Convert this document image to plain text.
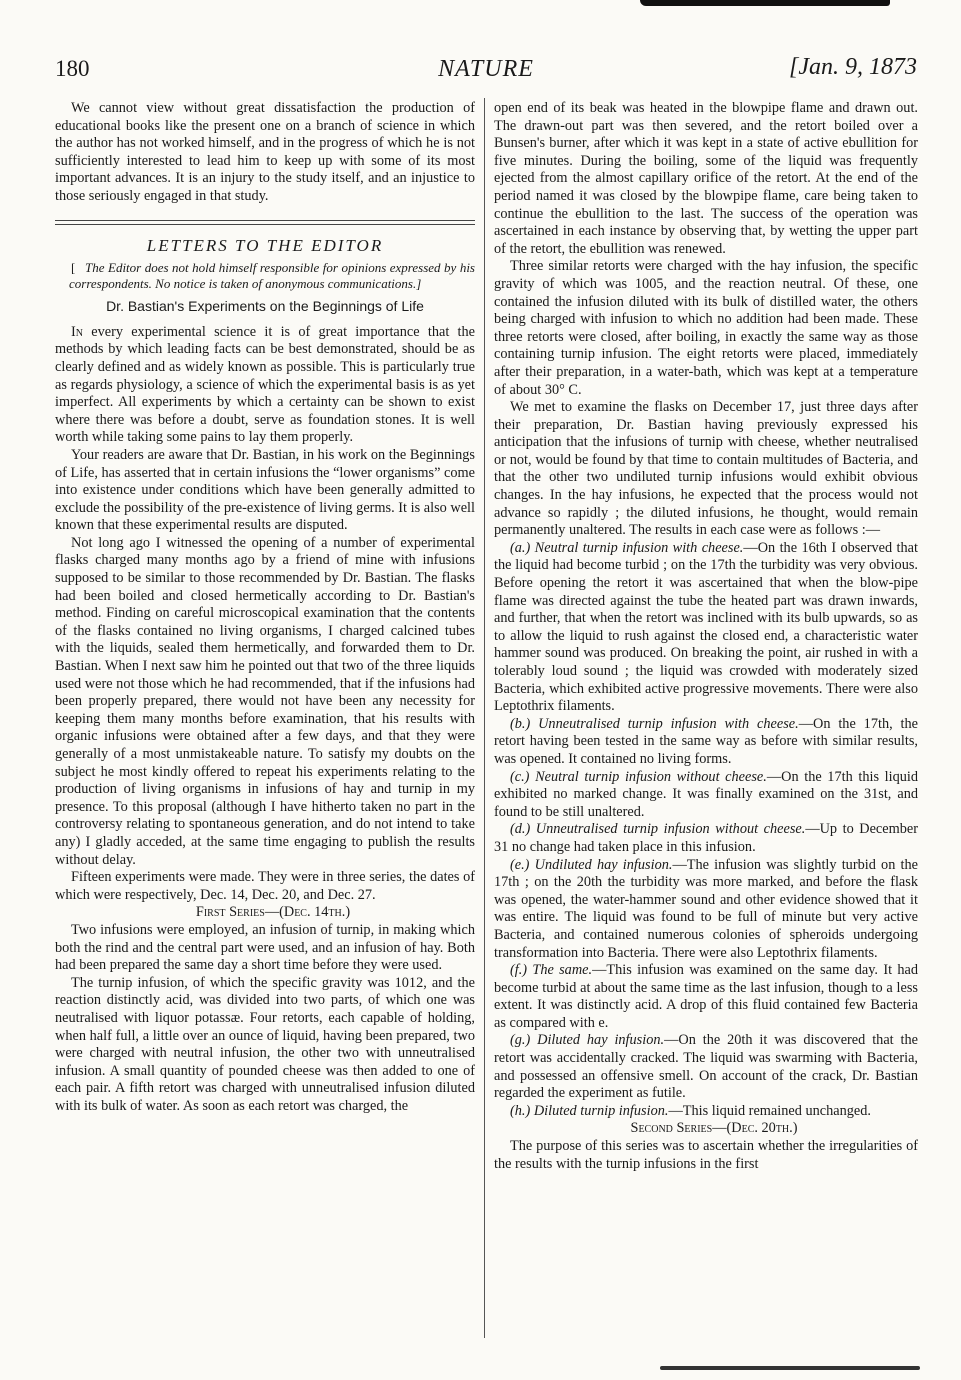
180	NATURE	[Jan. 9, 1873

We cannot view without great dissatisfaction the production of educational books like the present one on a branch of science in which the author has not worked himself, and in the progress of which he is not sufficiently interested to lead him to keep up with some of its most important advances. It is an injury to the study itself, and an injustice to those seriously engaged in that study.

LETTERS TO THE EDITOR

[ The Editor does not hold himself responsible for opinions expressed by his correspondents. No notice is taken of anonymous communications.]

Dr. Bastian's Experiments on the Beginnings of Life

In every experimental science it is of great importance that the methods by which leading facts can be best demonstrated, should be as clearly defined and as widely known as possible. This is particularly true as regards physiology, a science of which the experimental basis is as yet imperfect. All experiments by which a certainty can be shown to exist where there was before a doubt, serve as foundation stones. It is well worth while taking some pains to lay them properly.

Your readers are aware that Dr. Bastian, in his work on the Beginnings of Life, has asserted that in certain infusions the “lower organisms” come into existence under conditions which have been generally admitted to exclude the possibility of the pre-existence of living germs. It is also well known that these experimental results are disputed.

Not long ago I witnessed the opening of a number of experimental flasks charged many months ago by a friend of mine with infusions supposed to be similar to those recommended by Dr. Bastian. The flasks had been boiled and closed hermetically according to Dr. Bastian's method. Finding on careful microscopical examination that the contents of the flasks contained no living organisms, I charged calcined tubes with the liquids, sealed them hermetically, and forwarded them to Dr. Bastian. When I next saw him he pointed out that two of the three liquids used were not those which he had recommended, that if the infusions had been properly prepared, there would not have been any necessity for keeping them many months before examination, that his results with organic infusions were obtained after a few days, and that they were generally of a most unmistakeable nature. To satisfy my doubts on the subject he most kindly offered to repeat his experiments relating to the production of living organisms in infusions of hay and turnip in my presence. To this proposal (although I have hitherto taken no part in the controversy relating to spontaneous generation, and do not intend to take any) I gladly acceded, at the same time engaging to publish the results without delay.

Fifteen experiments were made. They were in three series, the dates of which were respectively, Dec. 14, Dec. 20, and Dec. 27.

First Series—(Dec. 14th.)

Two infusions were employed, an infusion of turnip, in making which both the rind and the central part were used, and an infusion of hay. Both had been prepared the same day a short time before they were used.

The turnip infusion, of which the specific gravity was 1012, and the reaction distinctly acid, was divided into two parts, of which one was neutralised with liquor potassæ. Four retorts, each capable of holding, when half full, a little over an ounce of liquid, having been prepared, two were charged with neutral infusion, the other two with unneutralised infusion. A small quantity of pounded cheese was then added to one of each pair. A fifth retort was charged with unneutralised infusion diluted with its bulk of water. As soon as each retort was charged, the

open end of its beak was heated in the blowpipe flame and drawn out. The drawn-out part was then severed, and the retort boiled over a Bunsen's burner, after which it was kept in a state of active ebullition for five minutes. During the boiling, some of the liquid was frequently ejected from the almost capillary orifice of the retort. At the end of the period named it was closed by the blowpipe flame, care being taken to continue the ebullition to the last. The success of the operation was ascertained in each instance by observing that, by wetting the upper part of the retort, the ebullition was renewed.

Three similar retorts were charged with the hay infusion, the specific gravity of which was 1005, and the reaction neutral. Of these, one contained the infusion diluted with its bulk of distilled water, the others being charged with infusion to which no addition had been made. These three retorts were closed, after boiling, in exactly the same way as those containing turnip infusion. The eight retorts were placed, immediately after their preparation, in a water-bath, which was kept at a temperature of about 30° C.

We met to examine the flasks on December 17, just three days after their preparation, Dr. Bastian having previously expressed his anticipation that the infusions of turnip with cheese, whether neutralised or not, would be found by that time to contain multitudes of Bacteria, and that the other two undiluted turnip infusions would exhibit obvious changes. In the hay infusions, he expected that the process would not advance so rapidly ; the diluted infusions, he thought, would remain permanently unaltered. The results in each case were as follows :—

(a.) Neutral turnip infusion with cheese.—On the 16th I observed that the liquid had become turbid ; on the 17th the turbidity was very obvious. Before opening the retort it was ascertained that when the blow-pipe flame was directed against the tube the heated part was drawn inwards, and further, that when the retort was inclined with its bulb upwards, so as to allow the liquid to rush against the closed end, a characteristic water hammer sound was produced. On breaking the point, air rushed in with a tolerably loud sound ; the liquid was crowded with moderately sized Bacteria, which exhibited active progressive movements. There were also Leptothrix filaments.

(b.) Unneutralised turnip infusion with cheese.—On the 17th, the retort having been tested in the same way as before with similar results, was opened. It contained no living forms.

(c.) Neutral turnip infusion without cheese.—On the 17th this liquid exhibited no marked change. It was finally examined on the 31st, and found to be still unaltered.

(d.) Unneutralised turnip infusion without cheese.—Up to December 31 no change had taken place in this infusion.

(e.) Undiluted hay infusion.—The infusion was slightly turbid on the 17th ; on the 20th the turbidity was more marked, and before the flask was opened, the water-hammer sound and other evidence showed that it was entire. The liquid was found to be full of minute but very active Bacteria, and contained numerous colonies of spheroids undergoing transformation into Bacteria. There were also Leptothrix filaments.

(f.) The same.—This infusion was examined on the same day. It had become turbid at about the same time as the last infusion, though to a less extent. It was distinctly acid. A drop of this fluid contained few Bacteria as compared with e.

(g.) Diluted hay infusion.—On the 20th it was discovered that the retort was accidentally cracked. The liquid was swarming with Bacteria, and possessed an offensive smell. On account of the crack, Dr. Bastian regarded the experiment as futile.

(h.) Diluted turnip infusion.—This liquid remained unchanged.

Second Series—(Dec. 20th.)

The purpose of this series was to ascertain whether the irregularities of the results with the turnip infusions in the first
